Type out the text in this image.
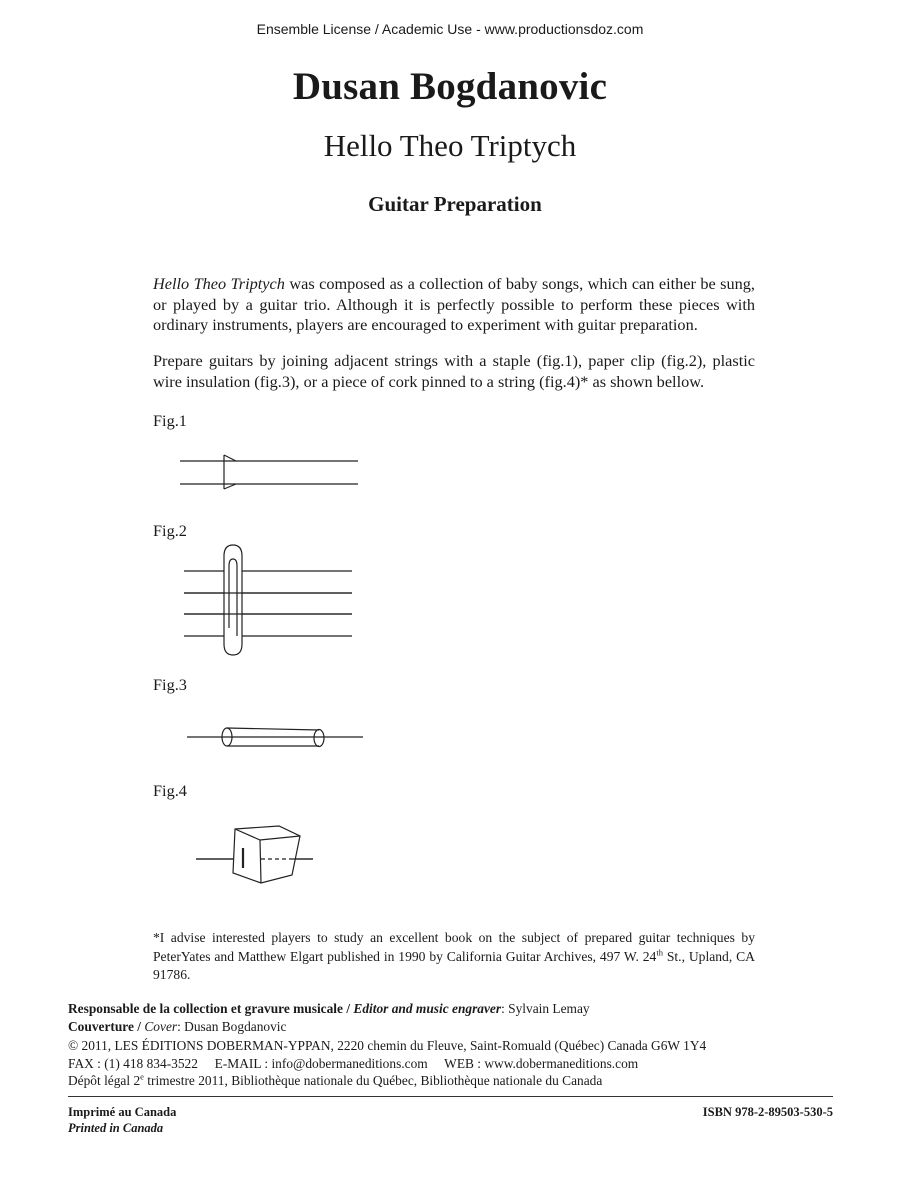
Ensemble License / Academic Use - www.productionsdoz.com
Dusan Bogdanovic
Hello Theo Triptych
Guitar Preparation
Hello Theo Triptych was composed as a collection of baby songs, which can either be sung, or played by a guitar trio. Although it is perfectly possible to perform these pieces with ordinary instruments, players are encouraged to experiment with guitar preparation.
Prepare guitars by joining adjacent strings with a staple (fig.1), paper clip (fig.2), plastic wire insulation (fig.3), or a piece of cork pinned to a string (fig.4)* as shown bellow.
Fig.1
Fig.2
Fig.3
Fig.4
*I advise interested players to study an excellent book on the subject of prepared guitar techniques by PeterYates and Matthew Elgart published in 1990 by California Guitar Archives, 497 W. 24th St., Upland, CA 91786.
Responsable de la collection et gravure musicale / Editor and music engraver: Sylvain Lemay
Couverture / Cover: Dusan Bogdanovic
© 2011, LES ÉDITIONS DOBERMAN-YPPAN, 2220 chemin du Fleuve, Saint-Romuald (Québec) Canada G6W 1Y4
FAX : (1) 418 834-3522     E-MAIL : info@dobermaneditions.com     WEB : www.dobermaneditions.com
Dépôt légal 2e trimestre 2011, Bibliothèque nationale du Québec, Bibliothèque nationale du Canada
Imprimé au Canada
Printed in Canada
ISBN 978-2-89503-530-5
